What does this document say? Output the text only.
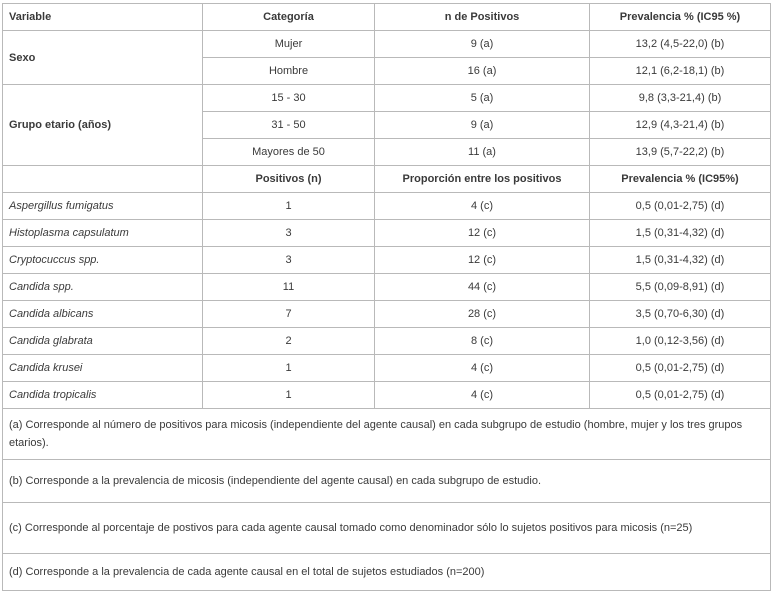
Variable	Categoría	n de Positivos	Prevalencia % (IC95 %)
Sexo	Mujer	9 (a)	13,2 (4,5-22,0) (b)
	Hombre	16 (a)	12,1 (6,2-18,1) (b)
Grupo etario (años)	15 - 30	5 (a)	9,8 (3,3-21,4) (b)
	31 - 50	9 (a)	12,9 (4,3-21,4) (b)
	Mayores de 50	11 (a)	13,9 (5,7-22,2) (b)
	Positivos (n)	Proporción entre los positivos	Prevalencia % (IC95%)
Aspergillus fumigatus	1	4 (c)	0,5 (0,01-2,75) (d)
Histoplasma capsulatum	3	12 (c)	1,5 (0,31-4,32) (d)
Cryptocuccus spp.	3	12 (c)	1,5 (0,31-4,32) (d)
Candida spp.	11	44 (c)	5,5 (0,09-8,91) (d)
Candida albicans	7	28 (c)	3,5 (0,70-6,30) (d)
Candida glabrata	2	8 (c)	1,0 (0,12-3,56) (d)
Candida krusei	1	4 (c)	0,5 (0,01-2,75) (d)
Candida tropicalis	1	4 (c)	0,5 (0,01-2,75) (d)
(a) Corresponde al número de positivos para micosis (independiente del agente causal) en cada subgrupo de estudio (hombre, mujer y los tres grupos etarios).			
(b) Corresponde a la prevalencia de micosis (independiente del agente causal) en cada subgrupo de estudio.			
(c) Corresponde al porcentaje de postivos para cada agente causal tomado como denominador sólo lo sujetos positivos para micosis (n=25)			
(d) Corresponde a la prevalencia de cada agente causal en el total de sujetos estudiados (n=200)			
